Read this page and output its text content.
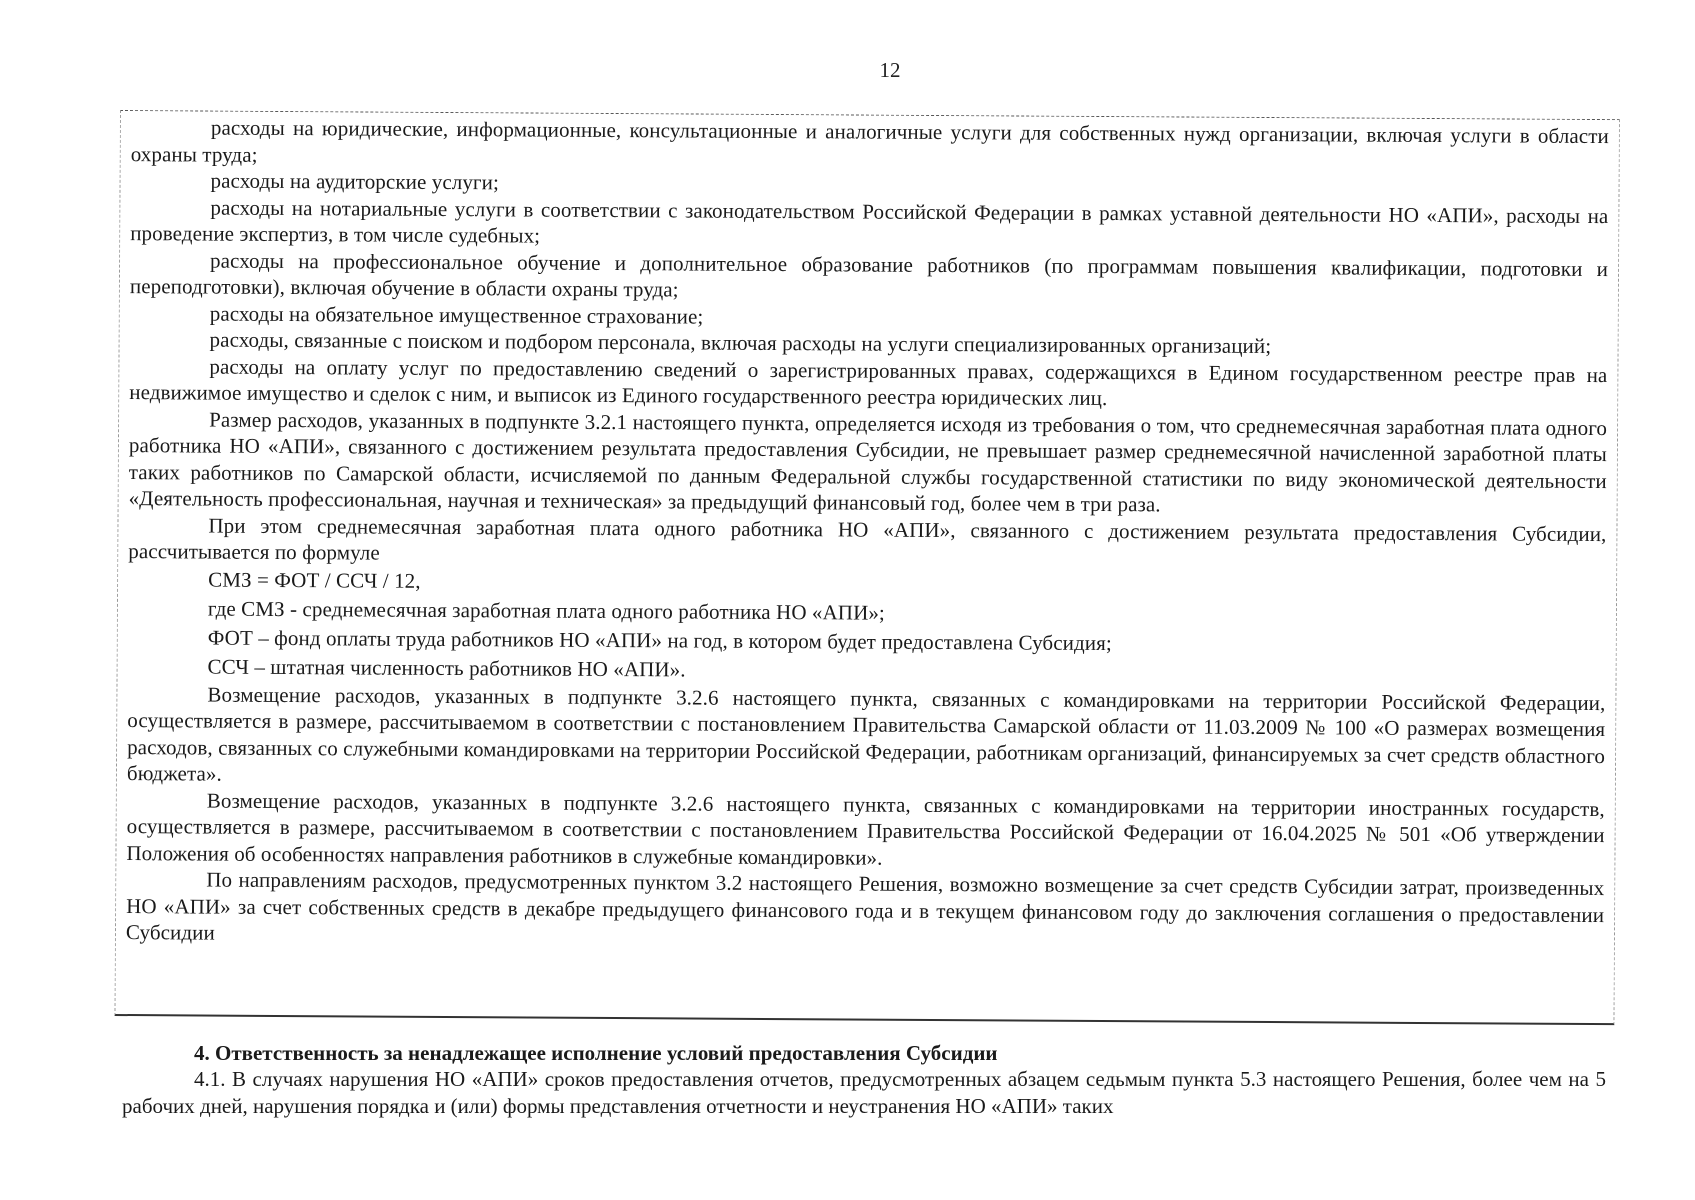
12

расходы на юридические, информационные, консультационные и аналогичные услуги для собственных нужд организации, включая услуги в области охраны труда;

расходы на аудиторские услуги;

расходы на нотариальные услуги в соответствии с законодательством Российской Федерации в рамках уставной деятельности НО «АПИ», расходы на проведение экспертиз, в том числе судебных;

расходы на профессиональное обучение и дополнительное образование работников (по программам повышения квалификации, подготовки и переподготовки), включая обучение в области охраны труда;

расходы на обязательное имущественное страхование;

расходы, связанные с поиском и подбором персонала, включая расходы на услуги специализированных организаций;

расходы на оплату услуг по предоставлению сведений о зарегистрированных правах, содержащихся в Едином государственном реестре прав на недвижимое имущество и сделок с ним, и выписок из Единого государственного реестра юридических лиц.

Размер расходов, указанных в подпункте 3.2.1 настоящего пункта, определяется исходя из требования о том, что среднемесячная заработная плата одного работника НО «АПИ», связанного с достижением результата предоставления Субсидии, не превышает размер среднемесячной начисленной заработной платы таких работников по Самарской области, исчисляемой по данным Федеральной службы государственной статистики по виду экономической деятельности «Деятельность профессиональная, научная и техническая» за предыдущий финансовый год, более чем в три раза.

При этом среднемесячная заработная плата одного работника НО «АПИ», связанного с достижением результата предоставления Субсидии, рассчитывается по формуле

СМЗ = ФОТ / ССЧ / 12,

где СМЗ - среднемесячная заработная плата одного работника НО «АПИ»;

ФОТ – фонд оплаты труда работников НО «АПИ» на год, в котором будет предоставлена Субсидия;

ССЧ – штатная численность работников НО «АПИ».

Возмещение расходов, указанных в подпункте 3.2.6 настоящего пункта, связанных с командировками на территории Российской Федерации, осуществляется в размере, рассчитываемом в соответствии с постановлением Правительства Самарской области от 11.03.2009 № 100 «О размерах возмещения расходов, связанных со служебными командировками на территории Российской Федерации, работникам организаций, финансируемых за счет средств областного бюджета».

Возмещение расходов, указанных в подпункте 3.2.6 настоящего пункта, связанных с командировками на территории иностранных государств, осуществляется в размере, рассчитываемом в соответствии с постановлением Правительства Российской Федерации от 16.04.2025 № 501 «Об утверждении Положения об особенностях направления работников в служебные командировки».

По направлениям расходов, предусмотренных пунктом 3.2 настоящего Решения, возможно возмещение за счет средств Субсидии затрат, произведенных НО «АПИ» за счет собственных средств в декабре предыдущего финансового года и в текущем финансовом году до заключения соглашения о предоставлении Субсидии

4. Ответственность за ненадлежащее исполнение условий предоставления Субсидии

4.1. В случаях нарушения НО «АПИ» сроков предоставления отчетов, предусмотренных абзацем седьмым пункта 5.3 настоящего Решения, более чем на 5 рабочих дней, нарушения порядка и (или) формы представления отчетности и неустранения НО «АПИ» таких
